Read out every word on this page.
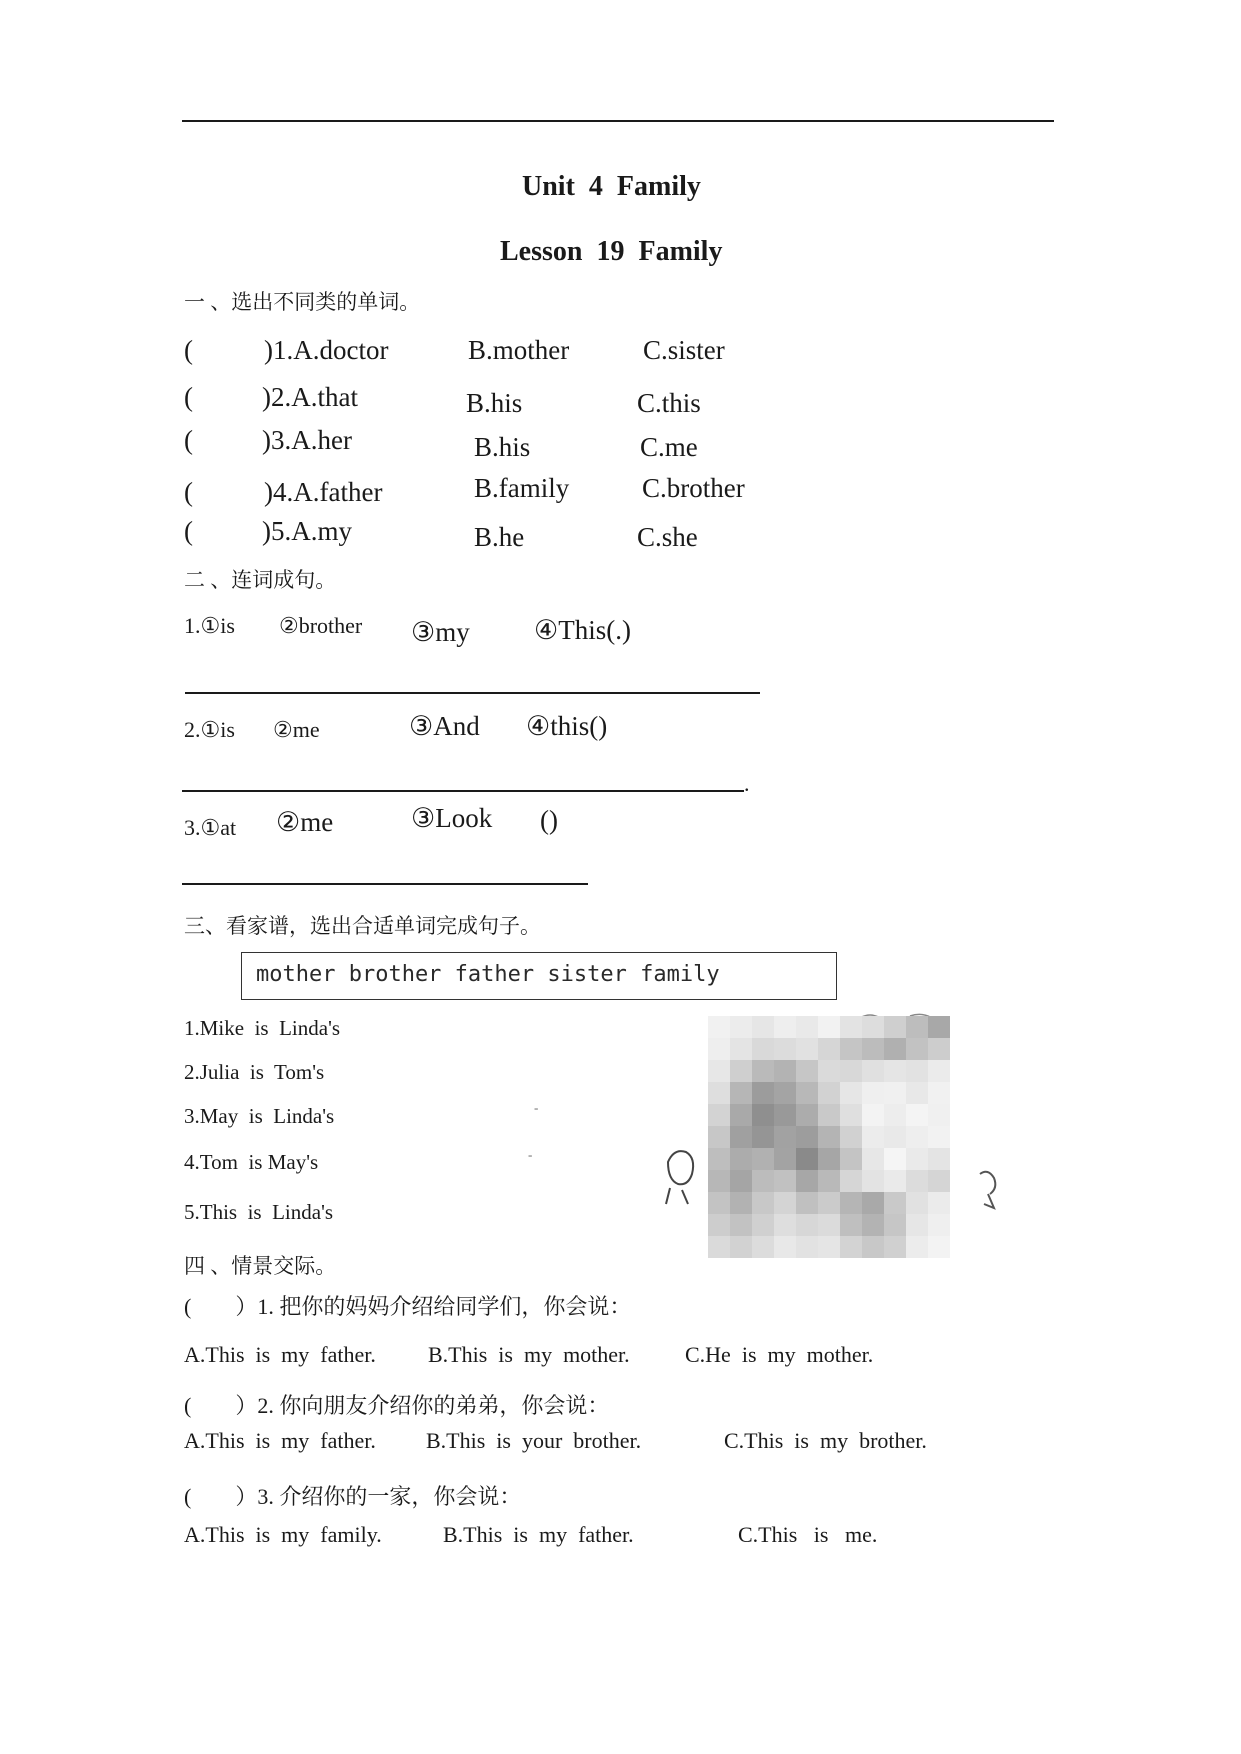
Unit  4  Family
Lesson  19  Family
一 、选出不同类的单词。
(	)1.A.doctor	B.mother	C.sister
(	)2.A.that	B.his	C.this
(	)3.A.her	B.his	C.me
(	)4.A.father	B.family	C.brother
(	)5.A.my	B.he	C.she
二 、连词成句。
1.①is ②brother ③my ④This(.)
2.①is ②me	③And ④this()
.
3.①at ②me	③Look ()
三、看家谱，选出合适单词完成句子。
mother brother father sister family
1.Mike  is  Linda's
2.Julia  is  Tom's
3.May  is  Linda's
4.Tom  is May's
5.This  is  Linda's
-
-
四 、情景交际。
(        ）1. 把你的妈妈介绍给同学们，你会说：
A.This  is  my  father. B.This  is  my  mother.	C.He  is  my  mother.
(        ）2. 你向朋友介绍你的弟弟，你会说：
A.This  is  my  father. B.This  is  your  brother.	C.This  is  my  brother.
(        ）3. 介绍你的一家，你会说：
A.This  is  my  family.	B.This  is  my  father.	C.This   is   me.
